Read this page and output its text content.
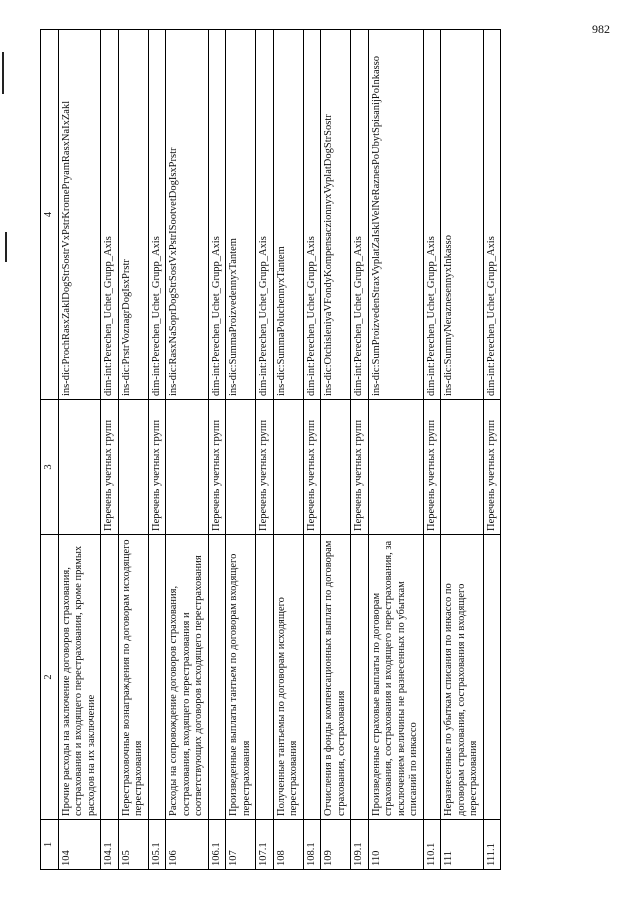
982
1	2	3	4
104	Прочие расходы на заключение договоров страхования, сострахования и входящего перестрахования, кроме прямых расходов на их заключение		ins-dic:ProchRasxZaklDogStrSostrVxPstrKromePryamRasxNaIxZakl
104.1		Перечень учетных групп	dim-int:Perechen_Uchet_Grupp_Axis
105	Перестраховочные вознаграждения по договорам исходящего перестрахования		ins-dic:PrstrVoznagrDogIsxPrstr
105.1		Перечень учетных групп	dim-int:Perechen_Uchet_Grupp_Axis
106	Расходы на сопровождение договоров страхования, сострахования, входящего перестрахования и соответствующих договоров исходящего перестрахования		ins-dic:RasxNaSoprDogStrSostVxPstrISootvetDogIsxPrstr
106.1		Перечень учетных групп	dim-int:Perechen_Uchet_Grupp_Axis
107	Произведенные выплаты тантьем по договорам входящего перестрахования		ins-dic:SummaProizvedennyxTantem
107.1		Перечень учетных групп	dim-int:Perechen_Uchet_Grupp_Axis
108	Полученные тантьемы по договорам исходящего перестрахования		ins-dic:SummaPoluchennyxTantem
108.1		Перечень учетных групп	dim-int:Perechen_Uchet_Grupp_Axis
109	Отчисления в фонды компенсационных выплат по договорам страхования, сострахования		ins-dic:OtchisleniyaVFondyKompensaczionnyxVyplatDogStrSostr
109.1		Перечень учетных групп	dim-int:Perechen_Uchet_Grupp_Axis
110	Произведенные страховые выплаты по договорам страхования, сострахования и входящего перестрахования, за исключением величины не разнесенных по убыткам списаний по инкассо		ins-dic:SumProizvedenStraxVyplatZaIsklVelNeRaznesPoUbytSpisanijPoInkasso
110.1		Перечень учетных групп	dim-int:Perechen_Uchet_Grupp_Axis
111	Неразнесенные по убыткам списания по инкассо по договорам страхования, сострахования и входящего перестрахования		ins-dic:SummyNeraznesennyxInkasso
111.1		Перечень учетных групп	dim-int:Perechen_Uchet_Grupp_Axis
